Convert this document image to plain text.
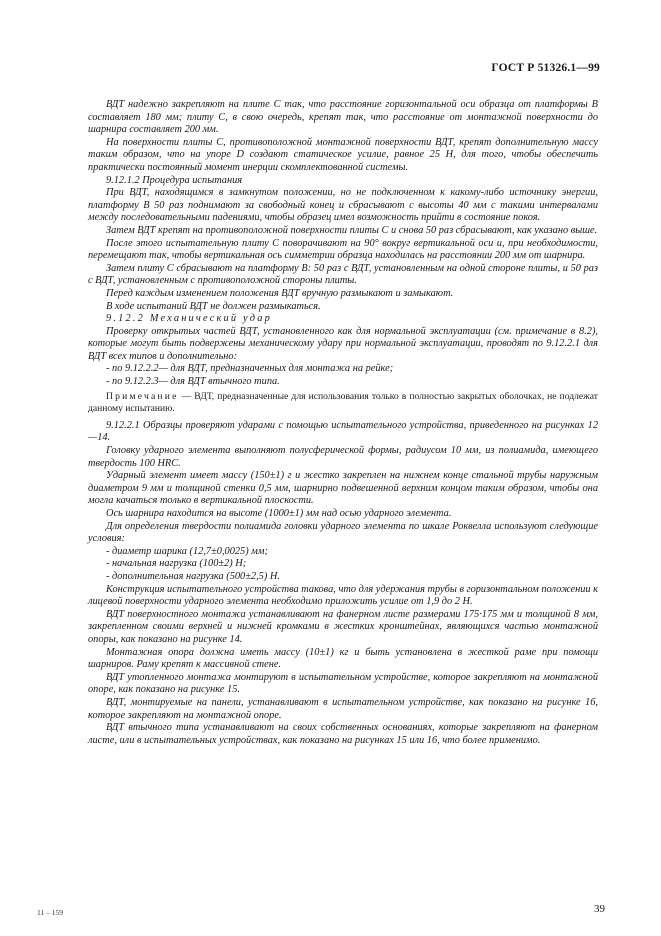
ГОСТ Р 51326.1—99

ВДТ надежно закрепляют на плите С так, что расстояние горизонтальной оси образца от платформы В составляет 180 мм; плиту С, в свою очередь, крепят так, что расстояние от монтажной поверхности до шарнира составляет 200 мм.

На поверхности плиты С, противоположной монтажной поверхности ВДТ, крепят дополнительную массу таким образом, что на упоре D создают статическое усилие, равное 25 Н, для того, чтобы обеспечить практически постоянный момент инерции скомплектованной системы.

9.12.1.2 Процедура испытания

При ВДТ, находящимся в замкнутом положении, но не подключенном к какому-либо источнику энергии, платформу В 50 раз поднимают за свободный конец и сбрасывают с высоты 40 мм с такими интервалами между последовательными падениями, чтобы образец имел возможность прийти в состояние покоя.

Затем ВДТ крепят на противоположной поверхности плиты С и снова 50 раз сбрасывают, как указано выше.

После этого испытательную плиту С поворачивают на 90° вокруг вертикальной оси и, при необходимости, перемещают так, чтобы вертикальная ось симметрии образца находилась на расстоянии 200 мм от шарнира.

Затем плиту С сбрасывают на платформу В: 50 раз с ВДТ, установленным на одной стороне плиты, и 50 раз с ВДТ, установленным с противоположной стороны плиты.

Перед каждым изменением положения ВДТ вручную размыкают и замыкают.

В ходе испытаний ВДТ не должен размыкаться.

9.12.2 Механический удар

Проверку открытых частей ВДТ, установленного как для нормальной эксплуатации (см. примечание в 8.2), которые могут быть подвержены механическому удару при нормальной эксплуатации, проводят по 9.12.2.1 для ВДТ всех типов и дополнительно:

- по 9.12.2.2— для ВДТ, предназначенных для монтажа на рейке;

- по 9.12.2.3— для ВДТ втычного типа.

Примечание — ВДТ, предназначенные для использования только в полностью закрытых оболочках, не подлежат данному испытанию.

9.12.2.1 Образцы проверяют ударами с помощью испытательного устройства, приведенного на рисунках 12—14.

Головку ударного элемента выполняют полусферической формы, радиусом 10 мм, из полиамида, имеющего твердость 100 HRC.

Ударный элемент имеет массу (150±1) г и жестко закреплен на нижнем конце стальной трубы наружным диаметром 9 мм и толщиной стенки 0,5 мм, шарнирно подвешенной верхним концом таким образом, чтобы она могла качаться только в вертикальной плоскости.

Ось шарнира находится на высоте (1000±1) мм над осью ударного элемента.

Для определения твердости полиамида головки ударного элемента по шкале Роквелла используют следующие условия:

- диаметр шарика (12,7±0,0025) мм;

- начальная нагрузка (100±2) Н;

- дополнительная нагрузка (500±2,5) Н.

Конструкция испытательного устройства такова, что для удержания трубы в горизонтальном положении к лицевой поверхности ударного элемента необходимо приложить усилие от 1,9 до 2 Н.

ВДТ поверхностного монтажа устанавливают на фанерном листе размерами 175·175 мм и толщиной 8 мм, закрепленном своими верхней и нижней кромками в жестких кронштейнах, являющихся частью монтажной опоры, как показано на рисунке 14.

Монтажная опора должна иметь массу (10±1) кг и быть установлена в жесткой раме при помощи шарниров. Раму крепят к массивной стене.

ВДТ утопленного монтажа монтируют в испытательном устройстве, которое закрепляют на монтажной опоре, как показано на рисунке 15.

ВДТ, монтируемые на панели, устанавливают в испытательном устройстве, как показано на рисунке 16, которое закрепляют на монтажной опоре.

ВДТ втычного типа устанавливают на своих собственных основаниях, которые закрепляют на фанерном листе, или в испытательных устройствах, как показано на рисунках 15 или 16, что более применимо.

11 – 159	39
